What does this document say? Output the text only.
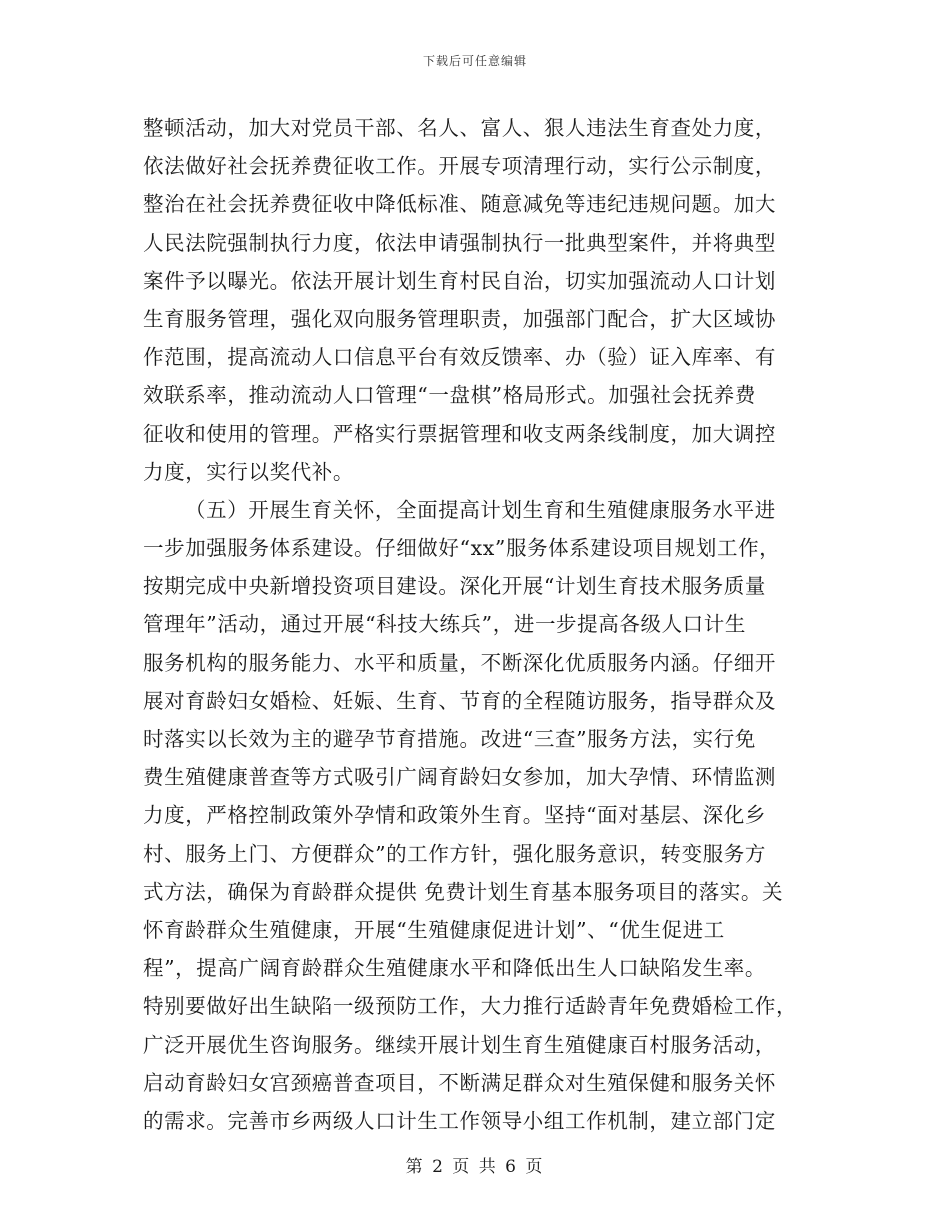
下载后可任意编辑
整顿活动，加大对党员干部、名人、富人、狠人违法生育查处力度，
依法做好社会抚养费征收工作。开展专项清理行动，实行公示制度，
整治在社会抚养费征收中降低标准、随意减免等违纪违规问题。加大
人民法院强制执行力度，依法申请强制执行一批典型案件，并将典型
案件予以曝光。依法开展计划生育村民自治，切实加强流动人口计划
生育服务管理，强化双向服务管理职责，加强部门配合，扩大区域协
作范围，提高流动人口信息平台有效反馈率、办（验）证入库率、有
效联系率，推动流动人口管理“一盘棋”格局形式。加强社会抚养费
征收和使用的管理。严格实行票据管理和收支两条线制度，加大调控
力度，实行以奖代补。
（五）开展生育关怀，全面提高计划生育和生殖健康服务水平进
一步加强服务体系建设。仔细做好“xx”服务体系建设项目规划工作，
按期完成中央新增投资项目建设。深化开展“计划生育技术服务质量
管理年”活动，通过开展“科技大练兵”，进一步提高各级人口计生
服务机构的服务能力、水平和质量，不断深化优质服务内涵。仔细开
展对育龄妇女婚检、妊娠、生育、节育的全程随访服务，指导群众及
时落实以长效为主的避孕节育措施。改进“三查”服务方法，实行免
费生殖健康普查等方式吸引广阔育龄妇女参加，加大孕情、环情监测
力度，严格控制政策外孕情和政策外生育。坚持“面对基层、深化乡
村、服务上门、方便群众”的工作方针，强化服务意识，转变服务方
式方法，确保为育龄群众提供 免费计划生育基本服务项目的落实。关
怀育龄群众生殖健康，开展“生殖健康促进计划”、“优生促进工
程”，提高广阔育龄群众生殖健康水平和降低出生人口缺陷发生率。
特别要做好出生缺陷一级预防工作，大力推行适龄青年免费婚检工作，
广泛开展优生咨询服务。继续开展计划生育生殖健康百村服务活动，
启动育龄妇女宫颈癌普查项目，不断满足群众对生殖保健和服务关怀
的需求。完善市乡两级人口计生工作领导小组工作机制，建立部门定
第 2 页 共 6 页
